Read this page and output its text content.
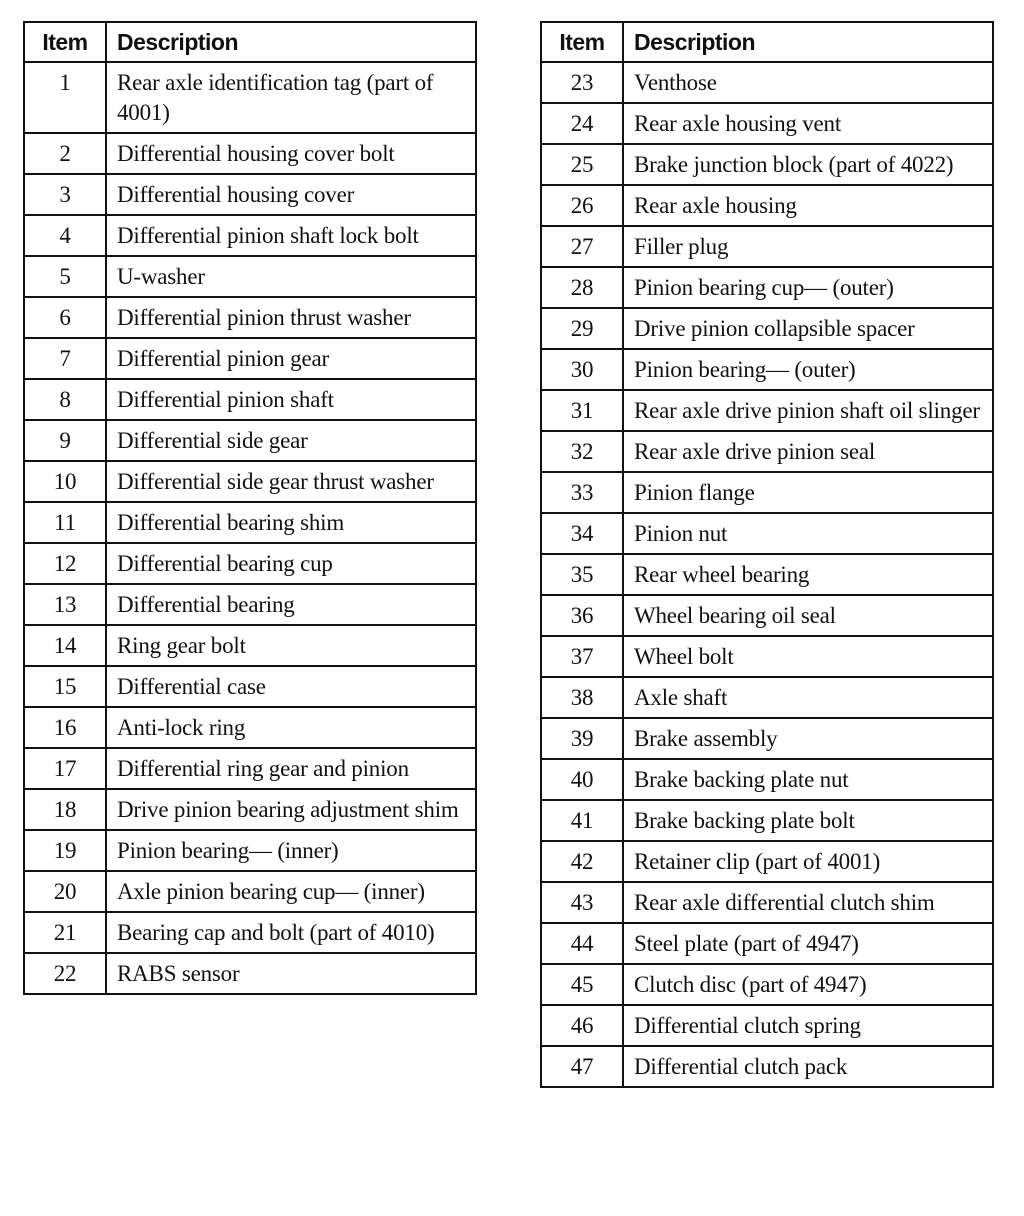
Item	Description
1	Rear axle identification tag (part of 4001)
2	Differential housing cover bolt
3	Differential housing cover
4	Differential pinion shaft lock bolt
5	U-washer
6	Differential pinion thrust washer
7	Differential pinion gear
8	Differential pinion shaft
9	Differential side gear
10	Differential side gear thrust washer
11	Differential bearing shim
12	Differential bearing cup
13	Differential bearing
14	Ring gear bolt
15	Differential case
16	Anti-lock ring
17	Differential ring gear and pinion
18	Drive pinion bearing adjustment shim
19	Pinion bearing— (inner)
20	Axle pinion bearing cup— (inner)
21	Bearing cap and bolt (part of 4010)
22	RABS sensor
Item	Description
23	Venthose
24	Rear axle housing vent
25	Brake junction block (part of 4022)
26	Rear axle housing
27	Filler plug
28	Pinion bearing cup— (outer)
29	Drive pinion collapsible spacer
30	Pinion bearing— (outer)
31	Rear axle drive pinion shaft oil slinger
32	Rear axle drive pinion seal
33	Pinion flange
34	Pinion nut
35	Rear wheel bearing
36	Wheel bearing oil seal
37	Wheel bolt
38	Axle shaft
39	Brake assembly
40	Brake backing plate nut
41	Brake backing plate bolt
42	Retainer clip (part of 4001)
43	Rear axle differential clutch shim
44	Steel plate (part of 4947)
45	Clutch disc (part of 4947)
46	Differential clutch spring
47	Differential clutch pack
